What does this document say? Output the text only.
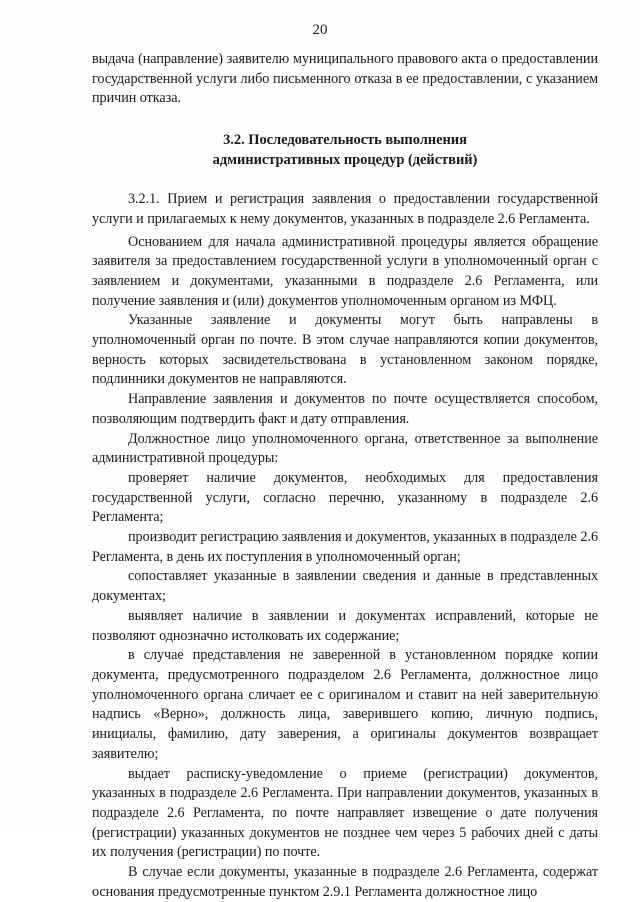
20

выдача (направление) заявителю муниципального правового акта о предоставлении государственной услуги либо письменного отказа в ее предоставлении, с указанием причин отказа.

3.2. Последовательность выполнения
административных процедур (действий)

3.2.1. Прием и регистрация заявления о предоставлении государственной услуги и прилагаемых к нему документов, указанных в подразделе 2.6 Регламента.

Основанием для начала административной процедуры является обращение заявителя за предоставлением государственной услуги в уполномоченный орган с заявлением и документами, указанными в подразделе 2.6 Регламента, или получение заявления и (или) документов уполномоченным органом из МФЦ.

Указанные заявление и документы могут быть направлены в уполномоченный орган по почте. В этом случае направляются копии документов, верность которых засвидетельствована в установленном законом порядке, подлинники документов не направляются.

Направление заявления и документов по почте осуществляется способом, позволяющим подтвердить факт и дату отправления.

Должностное лицо уполномоченного органа, ответственное за выполнение административной процедуры:

проверяет наличие документов, необходимых для предоставления государственной услуги, согласно перечню, указанному в подразделе 2.6 Регламента;

производит регистрацию заявления и документов, указанных в подразделе 2.6 Регламента, в день их поступления в уполномоченный орган;

сопоставляет указанные в заявлении сведения и данные в представленных документах;

выявляет наличие в заявлении и документах исправлений, которые не позволяют однозначно истолковать их содержание;

в случае представления не заверенной в установленном порядке копии документа, предусмотренного подразделом 2.6 Регламента, должностное лицо уполномоченного органа сличает ее с оригиналом и ставит на ней заверительную надпись «Верно», должность лица, заверившего копию, личную подпись, инициалы, фамилию, дату заверения, а оригиналы документов возвращает заявителю;

выдает расписку-уведомление о приеме (регистрации) документов, указанных в подразделе 2.6 Регламента. При направлении документов, указанных в подразделе 2.6 Регламента, по почте направляет извещение о дате получения (регистрации) указанных документов не позднее чем через 5 рабочих дней с даты их получения (регистрации) по почте.

В случае если документы, указанные в подразделе 2.6 Регламента, содержат основания предусмотренные пунктом 2.9.1 Регламента должностное лицо
